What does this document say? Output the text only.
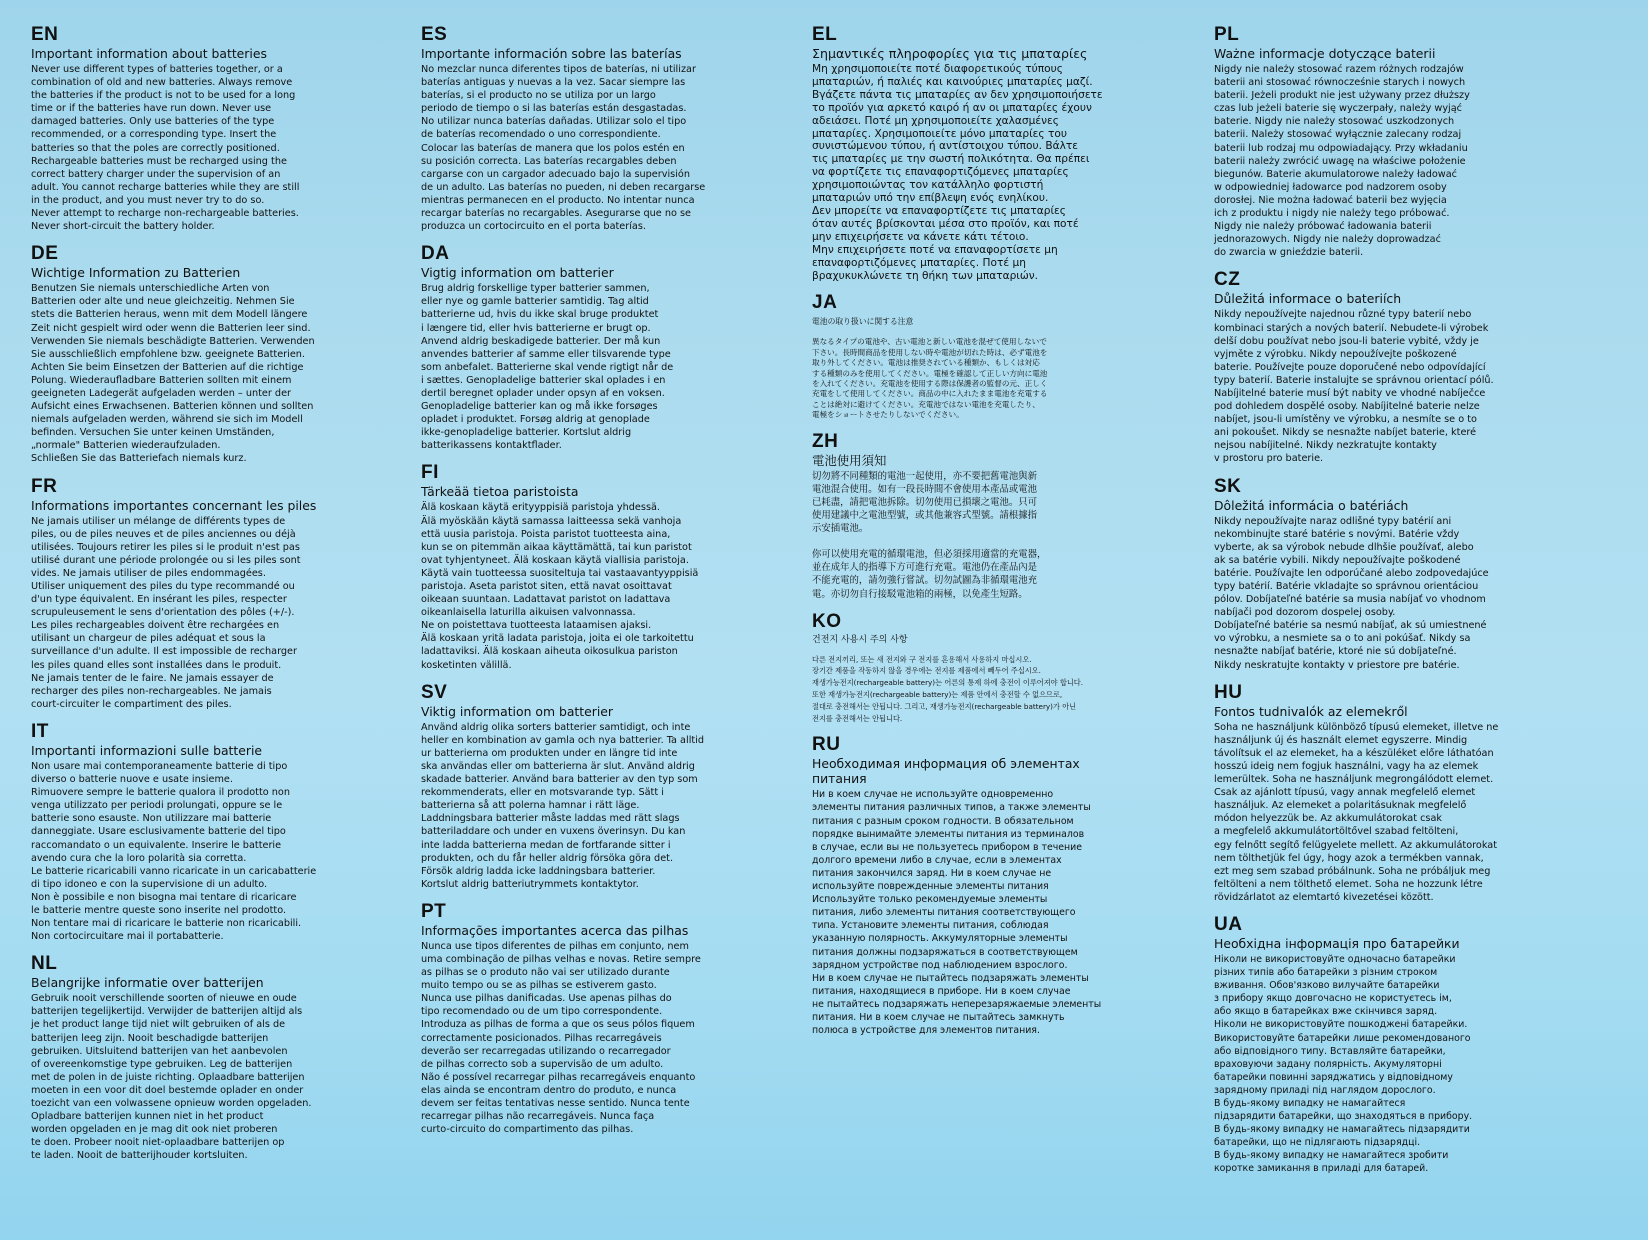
EN

Important information about batteries

Never use different types of batteries together, or a
combination of old and new batteries. Always remove
the batteries if the product is not to be used for a long
time or if the batteries have run down. Never use
damaged batteries. Only use batteries of the type
recommended, or a corresponding type. Insert the
batteries so that the poles are correctly positioned.
Rechargeable batteries must be recharged using the
correct battery charger under the supervision of an
adult. You cannot recharge batteries while they are still
in the product, and you must never try to do so.
Never attempt to recharge non-rechargeable batteries.
Never short-circuit the battery holder.

DE

Wichtige Information zu Batterien

Benutzen Sie niemals unterschiedliche Arten von
Batterien oder alte und neue gleichzeitig. Nehmen Sie
stets die Batterien heraus, wenn mit dem Modell längere
Zeit nicht gespielt wird oder wenn die Batterien leer sind.
Verwenden Sie niemals beschädigte Batterien. Verwenden
Sie ausschließlich empfohlene bzw. geeignete Batterien.
Achten Sie beim Einsetzen der Batterien auf die richtige
Polung. Wiederaufladbare Batterien sollten mit einem
geeigneten Ladegerät aufgeladen werden – unter der
Aufsicht eines Erwachsenen. Batterien können und sollten
niemals aufgeladen werden, während sie sich im Modell
befinden. Versuchen Sie unter keinen Umständen,
„normale" Batterien wiederaufzuladen.
Schließen Sie das Batteriefach niemals kurz.

FR

Informations importantes concernant les piles

Ne jamais utiliser un mélange de différents types de
piles, ou de piles neuves et de piles anciennes ou déjà
utilisées. Toujours retirer les piles si le produit n'est pas
utilisé durant une période prolongée ou si les piles sont
vides. Ne jamais utiliser de piles endommagées.
Utiliser uniquement des piles du type recommandé ou
d'un type équivalent. En insérant les piles, respecter
scrupuleusement le sens d'orientation des pôles (+/-).
Les piles rechargeables doivent être rechargées en
utilisant un chargeur de piles adéquat et sous la
surveillance d'un adulte. Il est impossible de recharger
les piles quand elles sont installées dans le produit.
Ne jamais tenter de le faire. Ne jamais essayer de
recharger des piles non-rechargeables. Ne jamais
court-circuiter le compartiment des piles.

IT

Importanti informazioni sulle batterie

Non usare mai contemporaneamente batterie di tipo
diverso o batterie nuove e usate insieme.
Rimuovere sempre le batterie qualora il prodotto non
venga utilizzato per periodi prolungati, oppure se le
batterie sono esauste. Non utilizzare mai batterie
danneggiate. Usare esclusivamente batterie del tipo
raccomandato o un equivalente. Inserire le batterie
avendo cura che la loro polarità sia corretta.
Le batterie ricaricabili vanno ricaricate in un caricabatterie
di tipo idoneo e con la supervisione di un adulto.
Non è possibile e non bisogna mai tentare di ricaricare
le batterie mentre queste sono inserite nel prodotto.
Non tentare mai di ricaricare le batterie non ricaricabili.
Non cortocircuitare mai il portabatterie.

NL

Belangrijke informatie over batterijen

Gebruik nooit verschillende soorten of nieuwe en oude
batterijen tegelijkertijd. Verwijder de batterijen altijd als
je het product lange tijd niet wilt gebruiken of als de
batterijen leeg zijn. Nooit beschadigde batterijen
gebruiken. Uitsluitend batterijen van het aanbevolen
of overeenkomstige type gebruiken. Leg de batterijen
met de polen in de juiste richting. Oplaadbare batterijen
moeten in een voor dit doel bestemde oplader en onder
toezicht van een volwassene opnieuw worden opgeladen.
Opladbare batterijen kunnen niet in het product
worden opgeladen en je mag dit ook niet proberen
te doen. Probeer nooit niet-oplaadbare batterijen op
te laden. Nooit de batterijhouder kortsluiten.

ES

Importante información sobre las baterías

No mezclar nunca diferentes tipos de baterías, ni utilizar
baterías antiguas y nuevas a la vez. Sacar siempre las
baterías, si el producto no se utiliza por un largo
periodo de tiempo o si las baterías están desgastadas.
No utilizar nunca baterías dañadas. Utilizar solo el tipo
de baterías recomendado o uno correspondiente.
Colocar las baterías de manera que los polos estén en
su posición correcta. Las baterías recargables deben
cargarse con un cargador adecuado bajo la supervisión
de un adulto. Las baterías no pueden, ni deben recargarse
mientras permanecen en el producto. No intentar nunca
recargar baterías no recargables. Asegurarse que no se
produzca un cortocircuito en el porta baterías.

DA

Vigtig information om batterier

Brug aldrig forskellige typer batterier sammen,
eller nye og gamle batterier samtidig. Tag altid
batterierne ud, hvis du ikke skal bruge produktet
i længere tid, eller hvis batterierne er brugt op.
Anvend aldrig beskadigede batterier. Der må kun
anvendes batterier af samme eller tilsvarende type
som anbefalet. Batterierne skal vende rigtigt når de
i sættes. Genopladelige batterier skal oplades i en
dertil beregnet oplader under opsyn af en voksen.
Genopladelige batterier kan og må ikke forsøges
opladet i produktet. Forsøg aldrig at genoplade
ikke-genopladelige batterier. Kortslut aldrig
batterikassens kontaktflader.

FI

Tärkeää tietoa paristoista

Älä koskaan käytä erityyppisiä paristoja yhdessä.
Älä myöskään käytä samassa laitteessa sekä vanhoja
että uusia paristoja. Poista paristot tuotteesta aina,
kun se on pitemmän aikaa käyttämättä, tai kun paristot
ovat tyhjentyneet. Älä koskaan käytä viallisia paristoja.
Käytä vain tuotteessa suositeltuja tai vastaavantyyppisiä
paristoja. Aseta paristot siten, että navat osoittavat
oikeaan suuntaan. Ladattavat paristot on ladattava
oikeanlaisella laturilla aikuisen valvonnassa.
Ne on poistettava tuotteesta lataamisen ajaksi.
Älä koskaan yritä ladata paristoja, joita ei ole tarkoitettu
ladattaviksi. Älä koskaan aiheuta oikosulkua pariston
kosketinten välillä.

SV

Viktig information om batterier

Använd aldrig olika sorters batterier samtidigt, och inte
heller en kombination av gamla och nya batterier. Ta alltid
ur batterierna om produkten under en längre tid inte
ska användas eller om batterierna är slut. Använd aldrig
skadade batterier. Använd bara batterier av den typ som
rekommenderats, eller en motsvarande typ. Sätt i
batterierna så att polerna hamnar i rätt läge.
Laddningsbara batterier måste laddas med rätt slags
batteriladdare och under en vuxens överinsyn. Du kan
inte ladda batterierna medan de fortfarande sitter i
produkten, och du får heller aldrig försöka göra det.
Försök aldrig ladda icke laddningsbara batterier.
Kortslut aldrig batteriutrymmets kontaktytor.

PT

Informações importantes acerca das pilhas

Nunca use tipos diferentes de pilhas em conjunto, nem
uma combinação de pilhas velhas e novas. Retire sempre
as pilhas se o produto não vai ser utilizado durante
muito tempo ou se as pilhas se estiverem gasto.
Nunca use pilhas danificadas. Use apenas pilhas do
tipo recomendado ou de um tipo correspondente.
Introduza as pilhas de forma a que os seus pólos fiquem
correctamente posicionados. Pilhas recarregáveis
deverão ser recarregadas utilizando o recarregador
de pilhas correcto sob a supervisão de um adulto.
Não é possível recarregar pilhas recarregáveis enquanto
elas ainda se encontram dentro do produto, e nunca
devem ser feitas tentativas nesse sentido. Nunca tente
recarregar pilhas não recarregáveis. Nunca faça
curto-circuito do compartimento das pilhas.

EL

Σημαντικές πληροφορίες για τις μπαταρίες

Μη χρησιμοποιείτε ποτέ διαφορετικούς τύπους
μπαταριών, ή παλιές και καινούριες μπαταρίες μαζί.
Βγάζετε πάντα τις μπαταρίες αν δεν χρησιμοποιήσετε
το προϊόν για αρκετό καιρό ή αν οι μπαταρίες έχουν
αδειάσει. Ποτέ μη χρησιμοποιείτε χαλασμένες
μπαταρίες. Χρησιμοποιείτε μόνο μπαταρίες του
συνιστώμενου τύπου, ή αντίστοιχου τύπου. Βάλτε
τις μπαταρίες με την σωστή πολικότητα. Θα πρέπει
να φορτίζετε τις επαναφορτιζόμενες μπαταρίες
χρησιμοποιώντας τον κατάλληλο φορτιστή
μπαταριών υπό την επίβλεψη ενός ενηλίκου.
Δεν μπορείτε να επαναφορτίζετε τις μπαταρίες
όταν αυτές βρίσκονται μέσα στο προϊόν, και ποτέ
μην επιχειρήσετε να κάνετε κάτι τέτοιο.
Μην επιχειρήσετε ποτέ να επαναφορτίσετε μη
επαναφορτιζόμενες μπαταρίες. Ποτέ μη
βραχυκυκλώνετε τη θήκη των μπαταριών.

JA

電池の取り扱いに関する注意

異なるタイプの電池や、古い電池と新しい電池を混ぜて使用しないで
下さい。長時間商品を使用しない時や電池が切れた時は、必ず電池を
取り外してください。電池は推奨されている種類か、もしくは対応
する種類のみを使用してください。電極を確認して正しい方向に電池
を入れてください。充電池を使用する際は保護者の監督の元、正しく
充電をして使用してください。商品の中に入れたまま電池を充電する
ことは絶対に避けてください。充電池ではない電池を充電したり、
電極をショートさせたりしないでください。

ZH

電池使用須知

切勿將不同種類的電池一起使用，亦不要把舊電池與新
電池混合使用。如有一段長時間不會使用本產品或電池
已耗盡，請把電池拆除。切勿使用已損壞之電池。只可
使用建議中之電池型號，或其他兼容式型號。請根據指
示安插電池。

你可以使用充電的循環電池，但必須採用適當的充電器，
並在成年人的指導下方可進行充電。電池仍在產品內是
不能充電的，請勿強行嘗試。切勿試圖為非循環電池充
電。亦切勿自行接駁電池箱的兩極，以免產生短路。

KO

건전지 사용시 주의 사항

다른 전지끼리, 또는 새 전지와 구 전지를 혼용해서 사용하지 마십시오.
장기간 제품을 작동하지 않을 경우에는 전지를 제품에서 빼두어 주십시오.
재생가능전지(rechargeable battery)는 어른의 통제 하에 충전이 이루어져야 합니다.
또한 재생가능전지(rechargeable battery)는 제품 안에서 충전할 수 없으므로,
절대로 충전해서는 안됩니다. 그리고, 재생가능전지(rechargeable battery)가 아닌
전지를 충전해서는 안됩니다.

RU

Необходимая информация об элементах питания

Ни в коем случае не используйте одновременно
элементы питания различных типов, а также элементы
питания с разным сроком годности. В обязательном
порядке вынимайте элементы питания из терминалов
в случае, если вы не пользуетесь прибором в течение
долгого времени либо в случае, если в элементах
питания закончился заряд. Ни в коем случае не
используйте поврежденные элементы питания
Используйте только рекомендуемые элементы
питания, либо элементы питания соответствующего
типа. Установите элементы питания, соблюдая
указанную полярность. Аккумуляторные элементы
питания должны подзаряжаться в соответствующем
зарядном устройстве под наблюдением взрослого.
Ни в коем случае не пытайтесь подзаряжать элементы
питания, находящиеся в приборе. Ни в коем случае
не пытайтесь подзаряжать неперезаряжаемые элементы
питания. Ни в коем случае не пытайтесь замкнуть
полюса в устройстве для элементов питания.

PL

Ważne informacje dotyczące baterii

Nigdy nie należy stosować razem różnych rodzajów
baterii ani stosować równocześnie starych i nowych
baterii. Jeżeli produkt nie jest używany przez dłuższy
czas lub jeżeli baterie się wyczerpały, należy wyjąć
baterie. Nigdy nie należy stosować uszkodzonych
baterii. Należy stosować wyłącznie zalecany rodzaj
baterii lub rodzaj mu odpowiadający. Przy wkładaniu
baterii należy zwrócić uwagę na właściwe położenie
biegunów. Baterie akumulatorowe należy ładować
w odpowiedniej ładowarce pod nadzorem osoby
dorosłej. Nie można ładować baterii bez wyjęcia
ich z produktu i nigdy nie należy tego próbować.
Nigdy nie należy próbować ładowania baterii
jednorazowych. Nigdy nie należy doprowadzać
do zwarcia w gnieździe baterii.

CZ

Důležitá informace o bateriích

Nikdy nepoužívejte najednou různé typy baterií nebo
kombinaci starých a nových baterií. Nebudete-li výrobek
delší dobu používat nebo jsou-li baterie vybité, vždy je
vyjměte z výrobku. Nikdy nepoužívejte poškozené
baterie. Používejte pouze doporučené nebo odpovídající
typy baterií. Baterie instalujte se správnou orientací pólů.
Nabíjitelné baterie musí být nabity ve vhodné nabíječce
pod dohledem dospělé osoby. Nabíjitelné baterie nelze
nabíjet, jsou-li umístěny ve výrobku, a nesmíte se o to
ani pokoušet. Nikdy se nesnažte nabíjet baterie, které
nejsou nabíjitelné. Nikdy nezkratujte kontakty
v prostoru pro baterie.

SK

Dôležitá informácia o batériách

Nikdy nepoužívajte naraz odlišné typy batérií ani
nekombinujte staré batérie s novými. Batérie vždy
vyberte, ak sa výrobok nebude dlhšie používať, alebo
ak sa batérie vybili. Nikdy nepoužívajte poškodené
batérie. Používajte len odporúčané alebo zodpovedajúce
typy batérií. Batérie vkladajte so správnou orientáciou
pólov. Dobíjateľné batérie sa musia nabíjať vo vhodnom
nabíjači pod dozorom dospelej osoby.
Dobíjateľné batérie sa nesmú nabíjať, ak sú umiestnené
vo výrobku, a nesmiete sa o to ani pokúšať. Nikdy sa
nesnažte nabíjať batérie, ktoré nie sú dobíjateľné.
Nikdy neskratujte kontakty v priestore pre batérie.

HU

Fontos tudnivalók az elemekről

Soha ne használjunk különböző típusú elemeket, illetve ne
használjunk új és használt elemet egyszerre. Mindig
távolítsuk el az elemeket, ha a készüléket előre láthatóan
hosszú ideig nem fogjuk használni, vagy ha az elemek
lemerültek. Soha ne használjunk megrongálódott elemet.
Csak az ajánlott típusú, vagy annak megfelelő elemet
használjuk. Az elemeket a polaritásuknak megfelelő
módon helyezzük be. Az akkumulátorokat csak
a megfelelő akkumulátortöltővel szabad feltölteni,
egy felnőtt segítő felügyelete mellett. Az akkumulátorokat
nem tölthetjük fel úgy, hogy azok a termékben vannak,
ezt meg sem szabad próbálnunk. Soha ne próbáljuk meg
feltölteni a nem tölthető elemet. Soha ne hozzunk létre
rövidzárlatot az elemtartó kivezetései között.

UA

Необхідна інформація про батарейки

Ніколи не використовуйте одночасно батарейки
різних типів або батарейки з різним строком
вживання. Обов'язково вилучайте батарейки
з прибору якщо довгочасно не користуєтесь ім,
або якщо в батарейках вже скінчився заряд.
Ніколи не використовуйте пошкоджені батарейки.
Використовуйте батарейки лише рекомендованого
або відповідного типу. Вставляйте батарейки,
враховуючи задану полярність. Акумуляторні
батарейки повинні заряджатись у відповідному
зарядному приладі під наглядом дорослого.
В будь-якому випадку не намагайтеся
підзарядити батарейки, що знаходяться в прибору.
В будь-якому випадку не намагайтесь підзарядити
батарейки, що не підлягають підзарядці.
В будь-якому випадку не намагайтеся зробити
коротке замикання в приладі для батарей.
